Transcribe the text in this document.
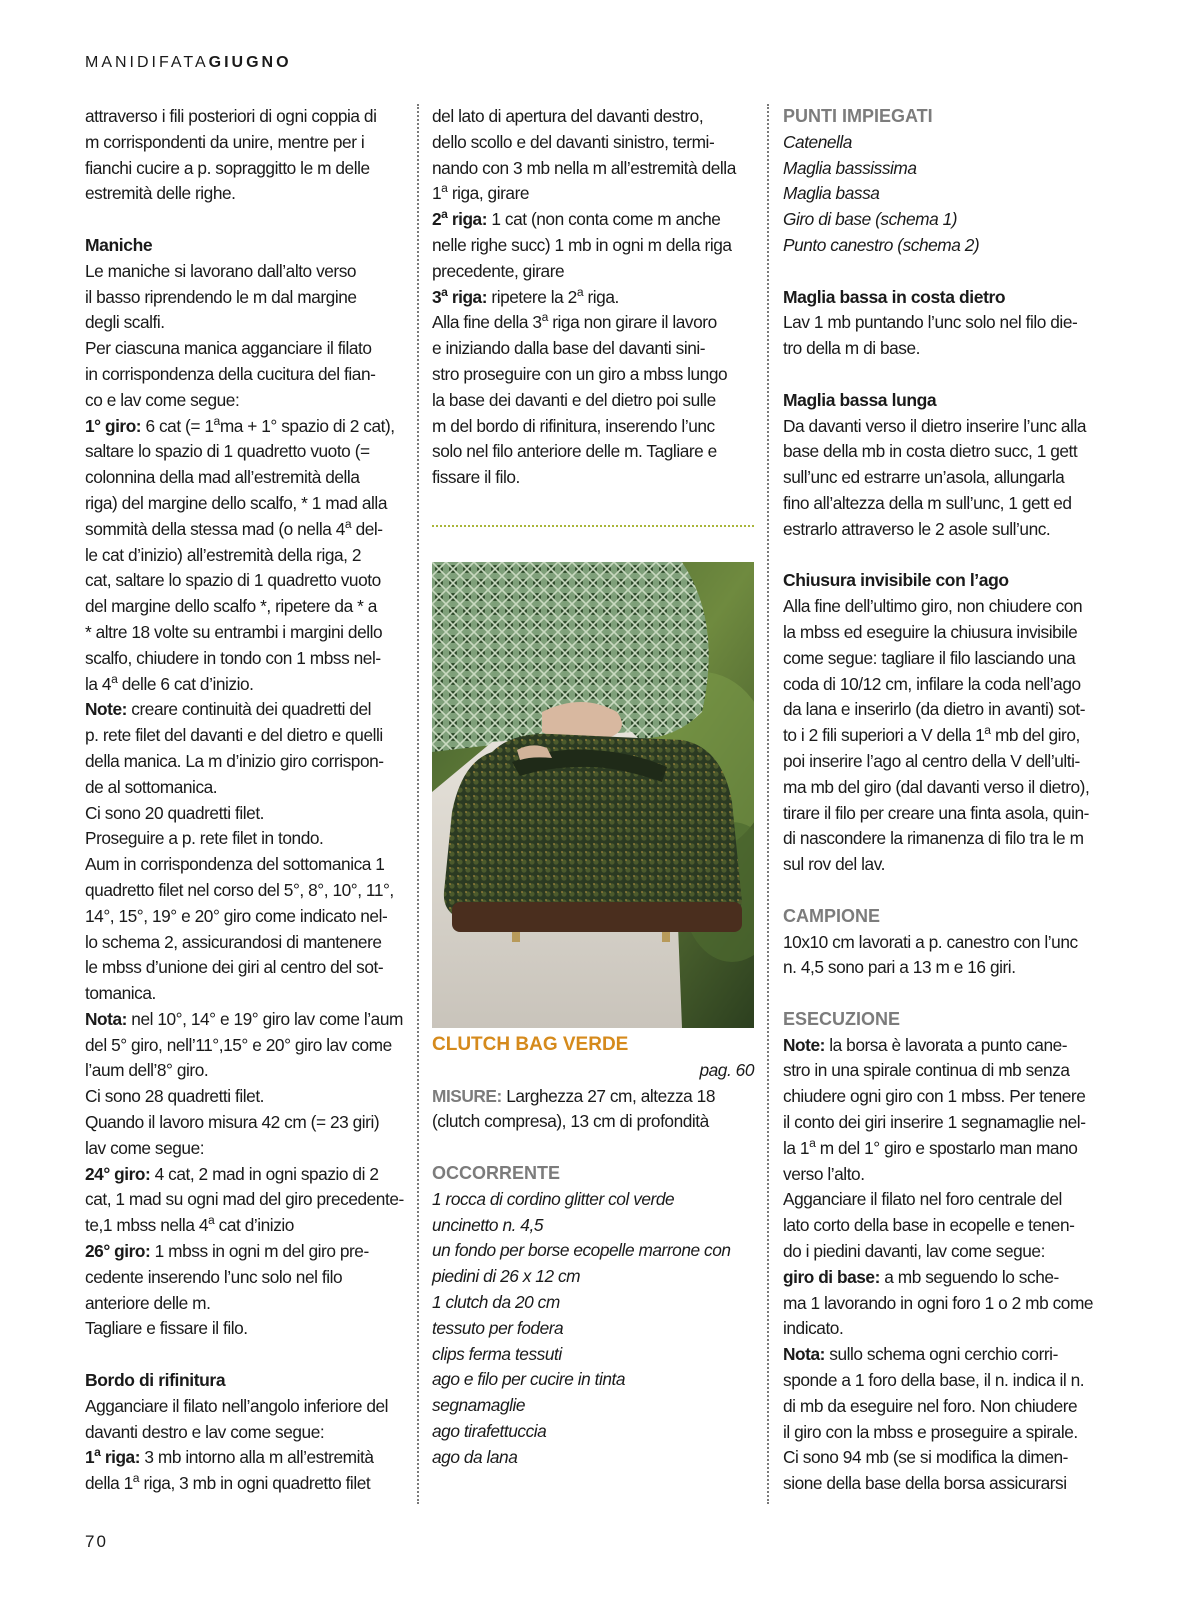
MANIDIFATAGIUGNO

attraverso i fili posteriori di ogni coppia di

m corrispondenti da unire, mentre per i

fianchi cucire a p. sopraggitto le m delle

estremità delle righe.

Maniche

Le maniche si lavorano dall’alto verso

il basso riprendendo le m dal margine

degli scalfi.

Per ciascuna manica agganciare il filato

in corrispondenza della cucitura del fian-

co e lav come segue:

1° giro: 6 cat (= $1^ama + 1^\circ$ spazio di 2 cat),

saltare lo spazio di 1 quadretto vuoto (=

colonnina della mad all’estremità della

riga) del margine dello scalfo, * 1 mad alla

sommità della stessa mad (o nella 4$^a$ del-

le cat d’inizio) all’estremità della riga, 2

cat, saltare lo spazio di 1 quadretto vuoto

del margine dello scalfo *, ripetere da * a

* altre 18 volte su entrambi i margini dello

scalfo, chiudere in tondo con 1 mbss nel-

la 4$^a$ delle 6 cat d’inizio.

Note: creare continuità dei quadretti del

p. rete filet del davanti e del dietro e quelli

della manica. La m d’inizio giro corrispon-

de al sottomanica.

Ci sono 20 quadretti filet.

Proseguire a p. rete filet in tondo.

Aum in corrispondenza del sottomanica 1

quadretto filet nel corso del 5°, 8°, 10°, 11°,

14°, 15°, 19° e 20° giro come indicato nel-

lo schema 2, assicurandosi di mantenere

le mbss d’unione dei giri al centro del sot-

tomanica.

Nota: nel 10°, 14° e 19° giro lav come l’aum

del 5° giro, nell’11°,15° e 20° giro lav come

l’aum dell’8° giro.

Ci sono 28 quadretti filet.

Quando il lavoro misura 42 cm (= 23 giri)

lav come segue:

24° giro: 4 cat, 2 mad in ogni spazio di 2

cat, 1 mad su ogni mad del giro precedente-

te,1 mbss nella 4$^a$ cat d’inizio

26° giro: 1 mbss in ogni m del giro pre-

cedente inserendo l’unc solo nel filo

anteriore delle m.

Tagliare e fissare il filo.

Bordo di rifinitura

Agganciare il filato nell’angolo inferiore del

davanti destro e lav come segue:

1$^a$ riga: 3 mb intorno alla m all’estremità

della 1$^a$ riga, 3 mb in ogni quadretto filet

del lato di apertura del davanti destro,

dello scollo e del davanti sinistro, termi-

nando con 3 mb nella m all’estremità della

1$^a$ riga, girare

2$^a$ riga: 1 cat (non conta come m anche

nelle righe succ) 1 mb in ogni m della riga

precedente, girare

3$^a$ riga: ripetere la 2$^a$ riga.

Alla fine della 3$^a$ riga non girare il lavoro

e iniziando dalla base del davanti sini-

stro proseguire con un giro a mbss lungo

la base dei davanti e del dietro poi sulle

m del bordo di rifinitura, inserendo l’unc

solo nel filo anteriore delle m. Tagliare e

fissare il filo.

CLUTCH BAG VERDE

pag. 60

MISURE: Larghezza 27 cm, altezza 18

(clutch compresa), 13 cm di profondità

OCCORRENTE

1 rocca di cordino glitter col verde

uncinetto n. 4,5

un fondo per borse ecopelle marrone con

piedini di 26 x 12 cm

1 clutch da 20 cm

tessuto per fodera

clips ferma tessuti

ago e filo per cucire in tinta

segnamaglie

ago tirafettuccia

ago da lana

PUNTI IMPIEGATI

Catenella

Maglia bassissima

Maglia bassa

Giro di base (schema 1)

Punto canestro (schema 2)

Maglia bassa in costa dietro

Lav 1 mb puntando l’unc solo nel filo die-

tro della m di base.

Maglia bassa lunga

Da davanti verso il dietro inserire l’unc alla

base della mb in costa dietro succ, 1 gett

sull’unc ed estrarre un’asola, allungarla

fino all’altezza della m sull’unc, 1 gett ed

estrarlo attraverso le 2 asole sull’unc.

Chiusura invisibile con l’ago

Alla fine dell’ultimo giro, non chiudere con

la mbss ed eseguire la chiusura invisibile

come segue: tagliare il filo lasciando una

coda di 10/12 cm, infilare la coda nell’ago

da lana e inserirlo (da dietro in avanti) sot-

to i 2 fili superiori a V della 1$^a$ mb del giro,

poi inserire l’ago al centro della V dell’ulti-

ma mb del giro (dal davanti verso il dietro),

tirare il filo per creare una finta asola, quin-

di nascondere la rimanenza di filo tra le m

sul rov del lav.

CAMPIONE

10x10 cm lavorati a p. canestro con l’unc

n. 4,5 sono pari a 13 m e 16 giri.

ESECUZIONE

Note: la borsa è lavorata a punto cane-

stro in una spirale continua di mb senza

chiudere ogni giro con 1 mbss. Per tenere

il conto dei giri inserire 1 segnamaglie nel-

la 1$^a$ m del 1° giro e spostarlo man mano

verso l’alto.

Agganciare il filato nel foro centrale del

lato corto della base in ecopelle e tenen-

do i piedini davanti, lav come segue:

giro di base: a mb seguendo lo sche-

ma 1 lavorando in ogni foro 1 o 2 mb come

indicato.

Nota: sullo schema ogni cerchio corri-

sponde a 1 foro della base, il n. indica il n.

di mb da eseguire nel foro. Non chiudere

il giro con la mbss e proseguire a spirale.

Ci sono 94 mb (se si modifica la dimen-

sione della base della borsa assicurarsi

70
